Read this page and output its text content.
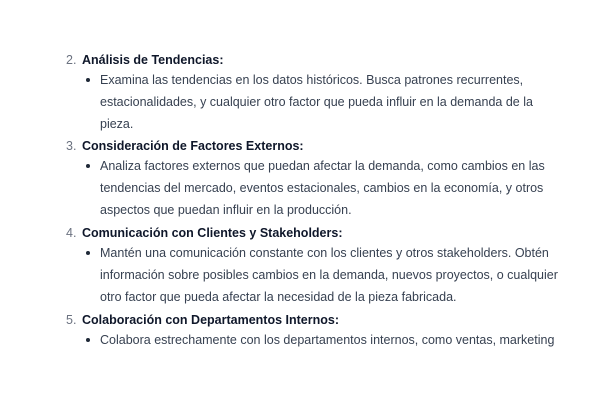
2. Análisis de Tendencias:
Examina las tendencias en los datos históricos. Busca patrones recurrentes, estacionalidades, y cualquier otro factor que pueda influir en la demanda de la pieza.
3. Consideración de Factores Externos:
Analiza factores externos que puedan afectar la demanda, como cambios en las tendencias del mercado, eventos estacionales, cambios en la economía, y otros aspectos que puedan influir en la producción.
4. Comunicación con Clientes y Stakeholders:
Mantén una comunicación constante con los clientes y otros stakeholders. Obtén información sobre posibles cambios en la demanda, nuevos proyectos, o cualquier otro factor que pueda afectar la necesidad de la pieza fabricada.
5. Colaboración con Departamentos Internos:
Colabora estrechamente con los departamentos internos, como ventas, marketing
